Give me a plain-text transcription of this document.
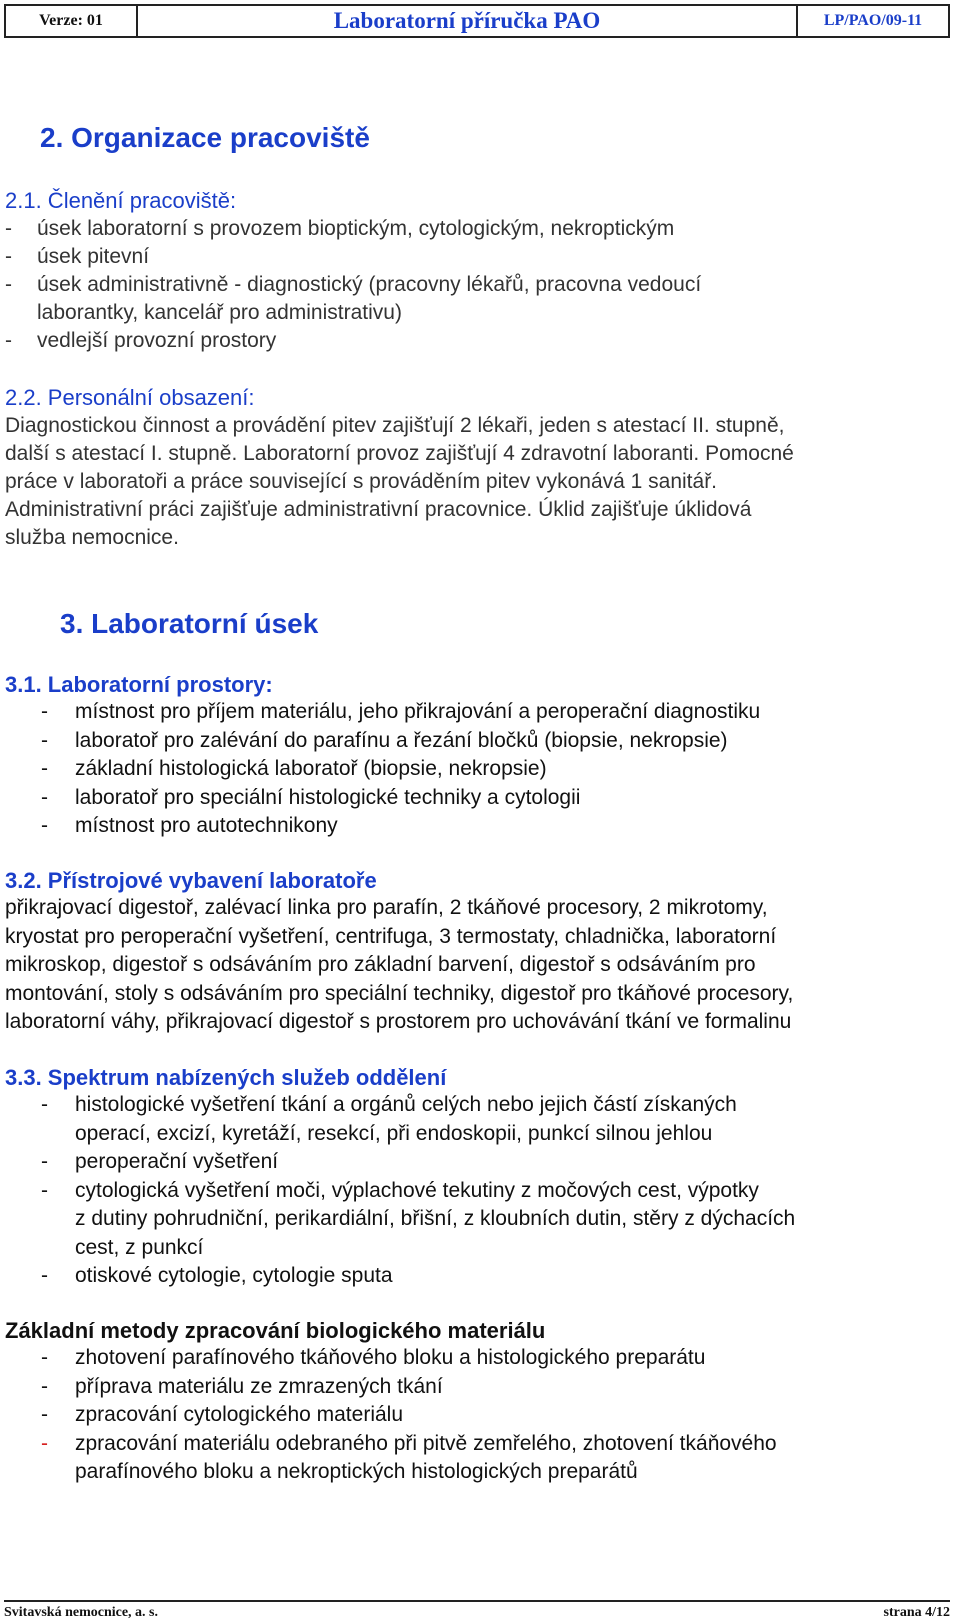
Verze: 01	Laboratorní příručka PAO	LP/PAO/09-11
2. Organizace pracoviště
2.1. Členění pracoviště:
-	úsek laboratorní s provozem bioptickým, cytologickým, nekroptickým
-	úsek pitevní
-	úsek administrativně - diagnostický (pracovny lékařů, pracovna vedoucí
laborantky, kancelář pro administrativu)
-	vedlejší provozní prostory
2.2. Personální obsazení:
Diagnostickou činnost a provádění pitev zajišťují 2 lékaři, jeden s atestací II. stupně,
další s atestací I. stupně. Laboratorní provoz zajišťují 4 zdravotní laboranti. Pomocné
práce v laboratoři a práce související s prováděním pitev vykonává 1 sanitář.
Administrativní práci zajišťuje administrativní pracovnice. Úklid zajišťuje úklidová
služba nemocnice.
3. Laboratorní úsek
3.1. Laboratorní prostory:
-	místnost pro příjem materiálu, jeho přikrajování a peroperační diagnostiku
-	laboratoř pro zalévání do parafínu a řezání bločků (biopsie, nekropsie)
-	základní histologická laboratoř (biopsie, nekropsie)
-	laboratoř pro speciální histologické techniky a cytologii
-	místnost pro autotechnikony
3.2. Přístrojové vybavení laboratoře
přikrajovací digestoř, zalévací linka pro parafín, 2 tkáňové procesory, 2 mikrotomy,
kryostat pro peroperační vyšetření, centrifuga, 3 termostaty, chladnička, laboratorní
mikroskop, digestoř s odsáváním pro základní barvení, digestoř s odsáváním pro
montování, stoly s odsáváním pro speciální techniky, digestoř pro tkáňové procesory,
laboratorní váhy, přikrajovací digestoř s prostorem pro uchovávání tkání ve formalinu
3.3. Spektrum nabízených služeb oddělení
-	histologické vyšetření tkání a orgánů celých nebo jejich částí získaných
operací, excizí, kyretáží, resekcí, při endoskopii, punkcí silnou jehlou
-	peroperační vyšetření
-	cytologická vyšetření moči, výplachové tekutiny z močových cest, výpotky
z dutiny pohrudniční, perikardiální, břišní, z kloubních dutin, stěry z dýchacích
cest, z punkcí
-	otiskové cytologie, cytologie sputa
Základní metody zpracování biologického materiálu
-	zhotovení parafínového tkáňového bloku a histologického preparátu
-	příprava materiálu ze zmrazených tkání
-	zpracování cytologického materiálu
-	zpracování materiálu odebraného při pitvě zemřelého, zhotovení tkáňového
parafínového bloku a nekroptických histologických preparátů
Svitavská nemocnice, a. s.	strana 4/12
